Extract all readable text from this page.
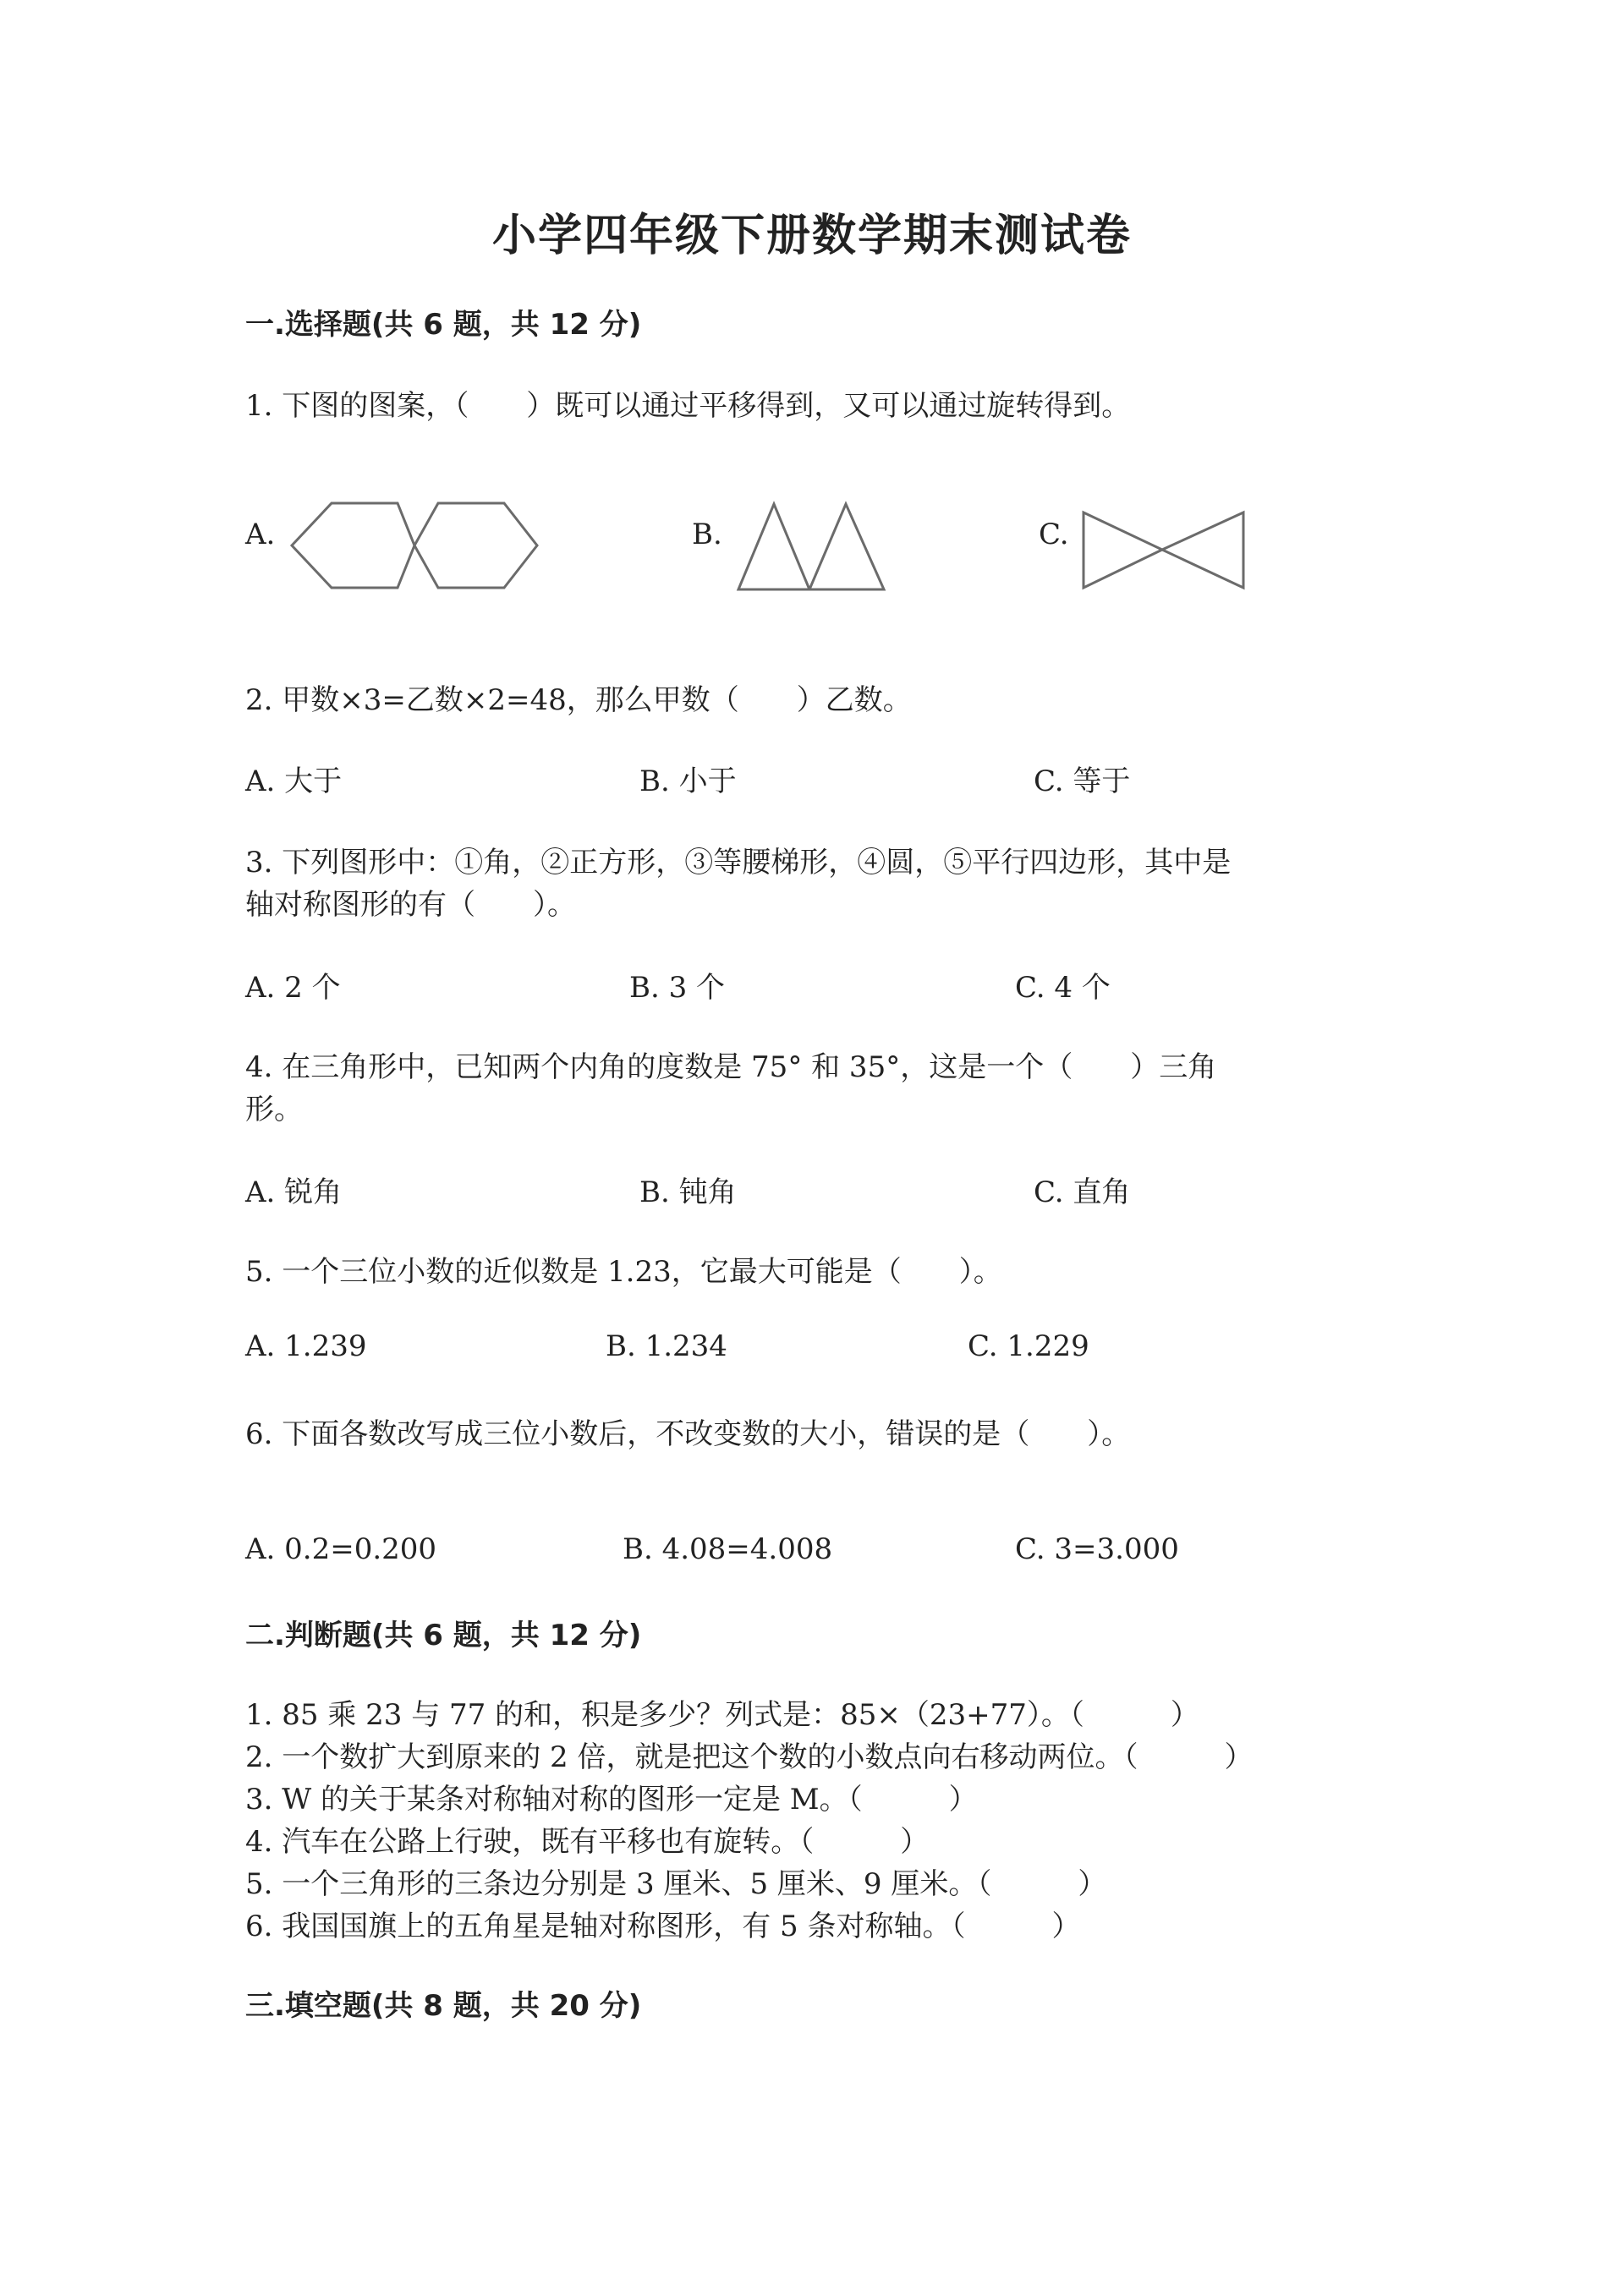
小学四年级下册数学期末测试卷
一.选择题(共 6 题，共 12 分)
1. 下图的图案，（　　）既可以通过平移得到，又可以通过旋转得到。
A.	B.	C.
2. 甲数×3=乙数×2=48，那么甲数（　　）乙数。
A. 大于	B. 小于	C. 等于
3. 下列图形中：①角，②正方形，③等腰梯形，④圆，⑤平行四边形，其中是
轴对称图形的有（　　）。
A. 2 个	B. 3 个	C. 4 个
4. 在三角形中，已知两个内角的度数是 75° 和 35°，这是一个（　　）三角
形。
A. 锐角	B. 钝角	C. 直角
5. 一个三位小数的近似数是 1.23，它最大可能是（　　）。
A. 1.239	B. 1.234	C. 1.229
6. 下面各数改写成三位小数后，不改变数的大小，错误的是（　　）。
A. 0.2=0.200	B. 4.08=4.008	C. 3=3.000
二.判断题(共 6 题，共 12 分)
1. 85 乘 23 与 77 的和，积是多少？列式是：85×（23+77）。（　　　）
2. 一个数扩大到原来的 2 倍，就是把这个数的小数点向右移动两位。（　　　）
3. W 的关于某条对称轴对称的图形一定是 M。（　　　）
4. 汽车在公路上行驶，既有平移也有旋转。（　　　）
5. 一个三角形的三条边分别是 3 厘米、5 厘米、9 厘米。（　　　）
6. 我国国旗上的五角星是轴对称图形，有 5 条对称轴。（　　　）
三.填空题(共 8 题，共 20 分)
